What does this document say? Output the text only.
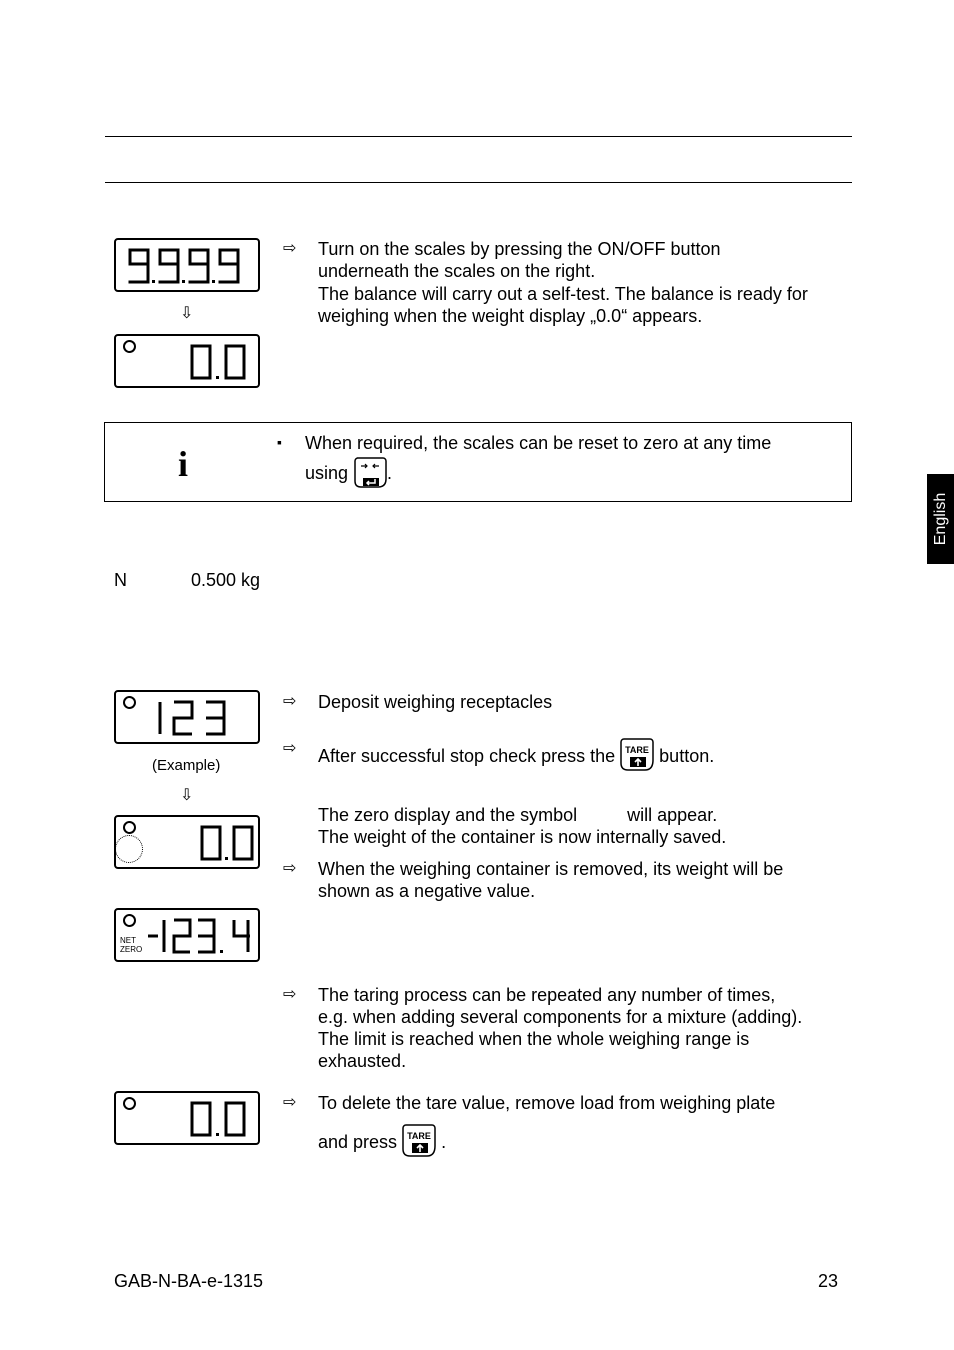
English
⇩
⇨ Turn on the scales by pressing the ON/OFF button
underneath the scales on the right.
The balance will carry out a self-test. The balance is ready for
weighing when the weight display „0.0“ appears.
i
▪ When required, the scales can be reset to zero at any time
using .
N	0.500 kg
(Example)
⇩
NET
ZERO
⇨ Deposit weighing receptacles
⇨ After successful stop check press the TARE button.
The zero display and the symbol	will appear.
The weight of the container is now internally saved.
⇨ When the weighing container is removed, its weight will be
shown as a negative value.
⇨ The taring process can be repeated any number of times,
e.g. when adding several components for a mixture (adding).
The limit is reached when the whole weighing range is
exhausted.
⇨ To delete the tare value, remove load from weighing plate
and press TARE .
GAB-N-BA-e-1315	23
